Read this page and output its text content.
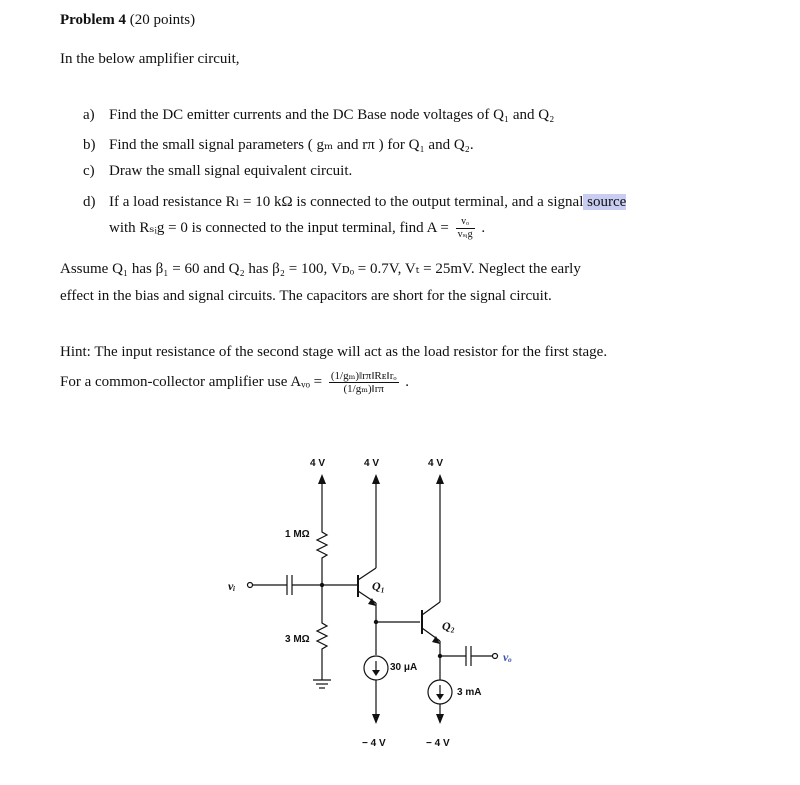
Problem 4 (20 points)
In the below amplifier circuit,
a) Find the DC emitter currents and the DC Base node voltages of Q₁ and Q₂
b) Find the small signal parameters ( gₘ and rπ ) for Q₁ and Q₂.
c) Draw the small signal equivalent circuit.
d) If a load resistance Rₗ = 10 kΩ is connected to the output terminal, and a signal source
with Rₛᵢg = 0 is connected to the input terminal, find $A = \frac{\text{vₒ}}{\text{vₛᵢg}}$ .
Assume Q₁ has β₁ = 60 and Q₂ has β₂ = 100, Vᴅₒ = 0.7V, Vₜ = 25mV. Neglect the early
effect in the bias and signal circuits. The capacitors are short for the signal circuit.
Hint: The input resistance of the second stage will act as the load resistor for the first stage.
For a common-collector amplifier use Aᵥₒ = $\frac{\text{(1/gₘ)‖rπ‖Rᴇ‖rₒ}}{\text{(1/gₘ)‖rπ}}$ .
4 V	4 V	4 V
1 MΩ
3 MΩ
vᵢ	Q₁
Q₂
30 μA
3 mA
vₒ
− 4 V	− 4 V
